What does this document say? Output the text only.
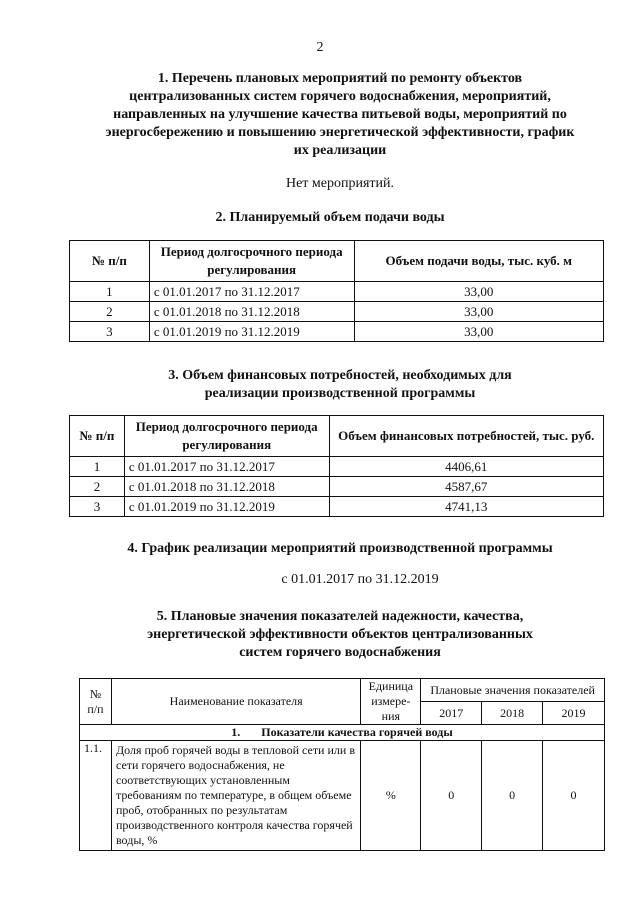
2
1. Перечень плановых мероприятий по ремонту объектов
централизованных систем горячего водоснабжения, мероприятий,
направленных на улучшение качества питьевой воды, мероприятий по
энергосбережению и повышению энергетической эффективности, график
их реализации
Нет мероприятий.
2. Планируемый объем подачи воды
№ п/п	Период долгосрочного периода регулирования	Объем подачи воды, тыс. куб. м
1	с 01.01.2017 по 31.12.2017	33,00
2	с 01.01.2018 по 31.12.2018	33,00
3	с 01.01.2019 по 31.12.2019	33,00
3. Объем финансовых потребностей, необходимых для
реализации производственной программы
№ п/п	Период долгосрочного периода регулирования	Объем финансовых потребностей, тыс. руб.
1	с 01.01.2017 по 31.12.2017	4406,61
2	с 01.01.2018 по 31.12.2018	4587,67
3	с 01.01.2019 по 31.12.2019	4741,13
4. График реализации мероприятий производственной программы
с 01.01.2017 по 31.12.2019
5. Плановые значения показателей надежности, качества,
энергетической эффективности объектов централизованных
систем горячего водоснабжения
№ п/п	Наименование показателя	Единица измере-ния	Плановые значения показателей		
			2017	2018	2019
1. Показатели качества горячей воды					
1.1.	Доля проб горячей воды в тепловой сети или в сети горячего водоснабжения, не соответствующих установленным требованиям по температуре, в общем объеме проб, отобранных по результатам производственного контроля качества горячей воды, %	%	0	0	0
